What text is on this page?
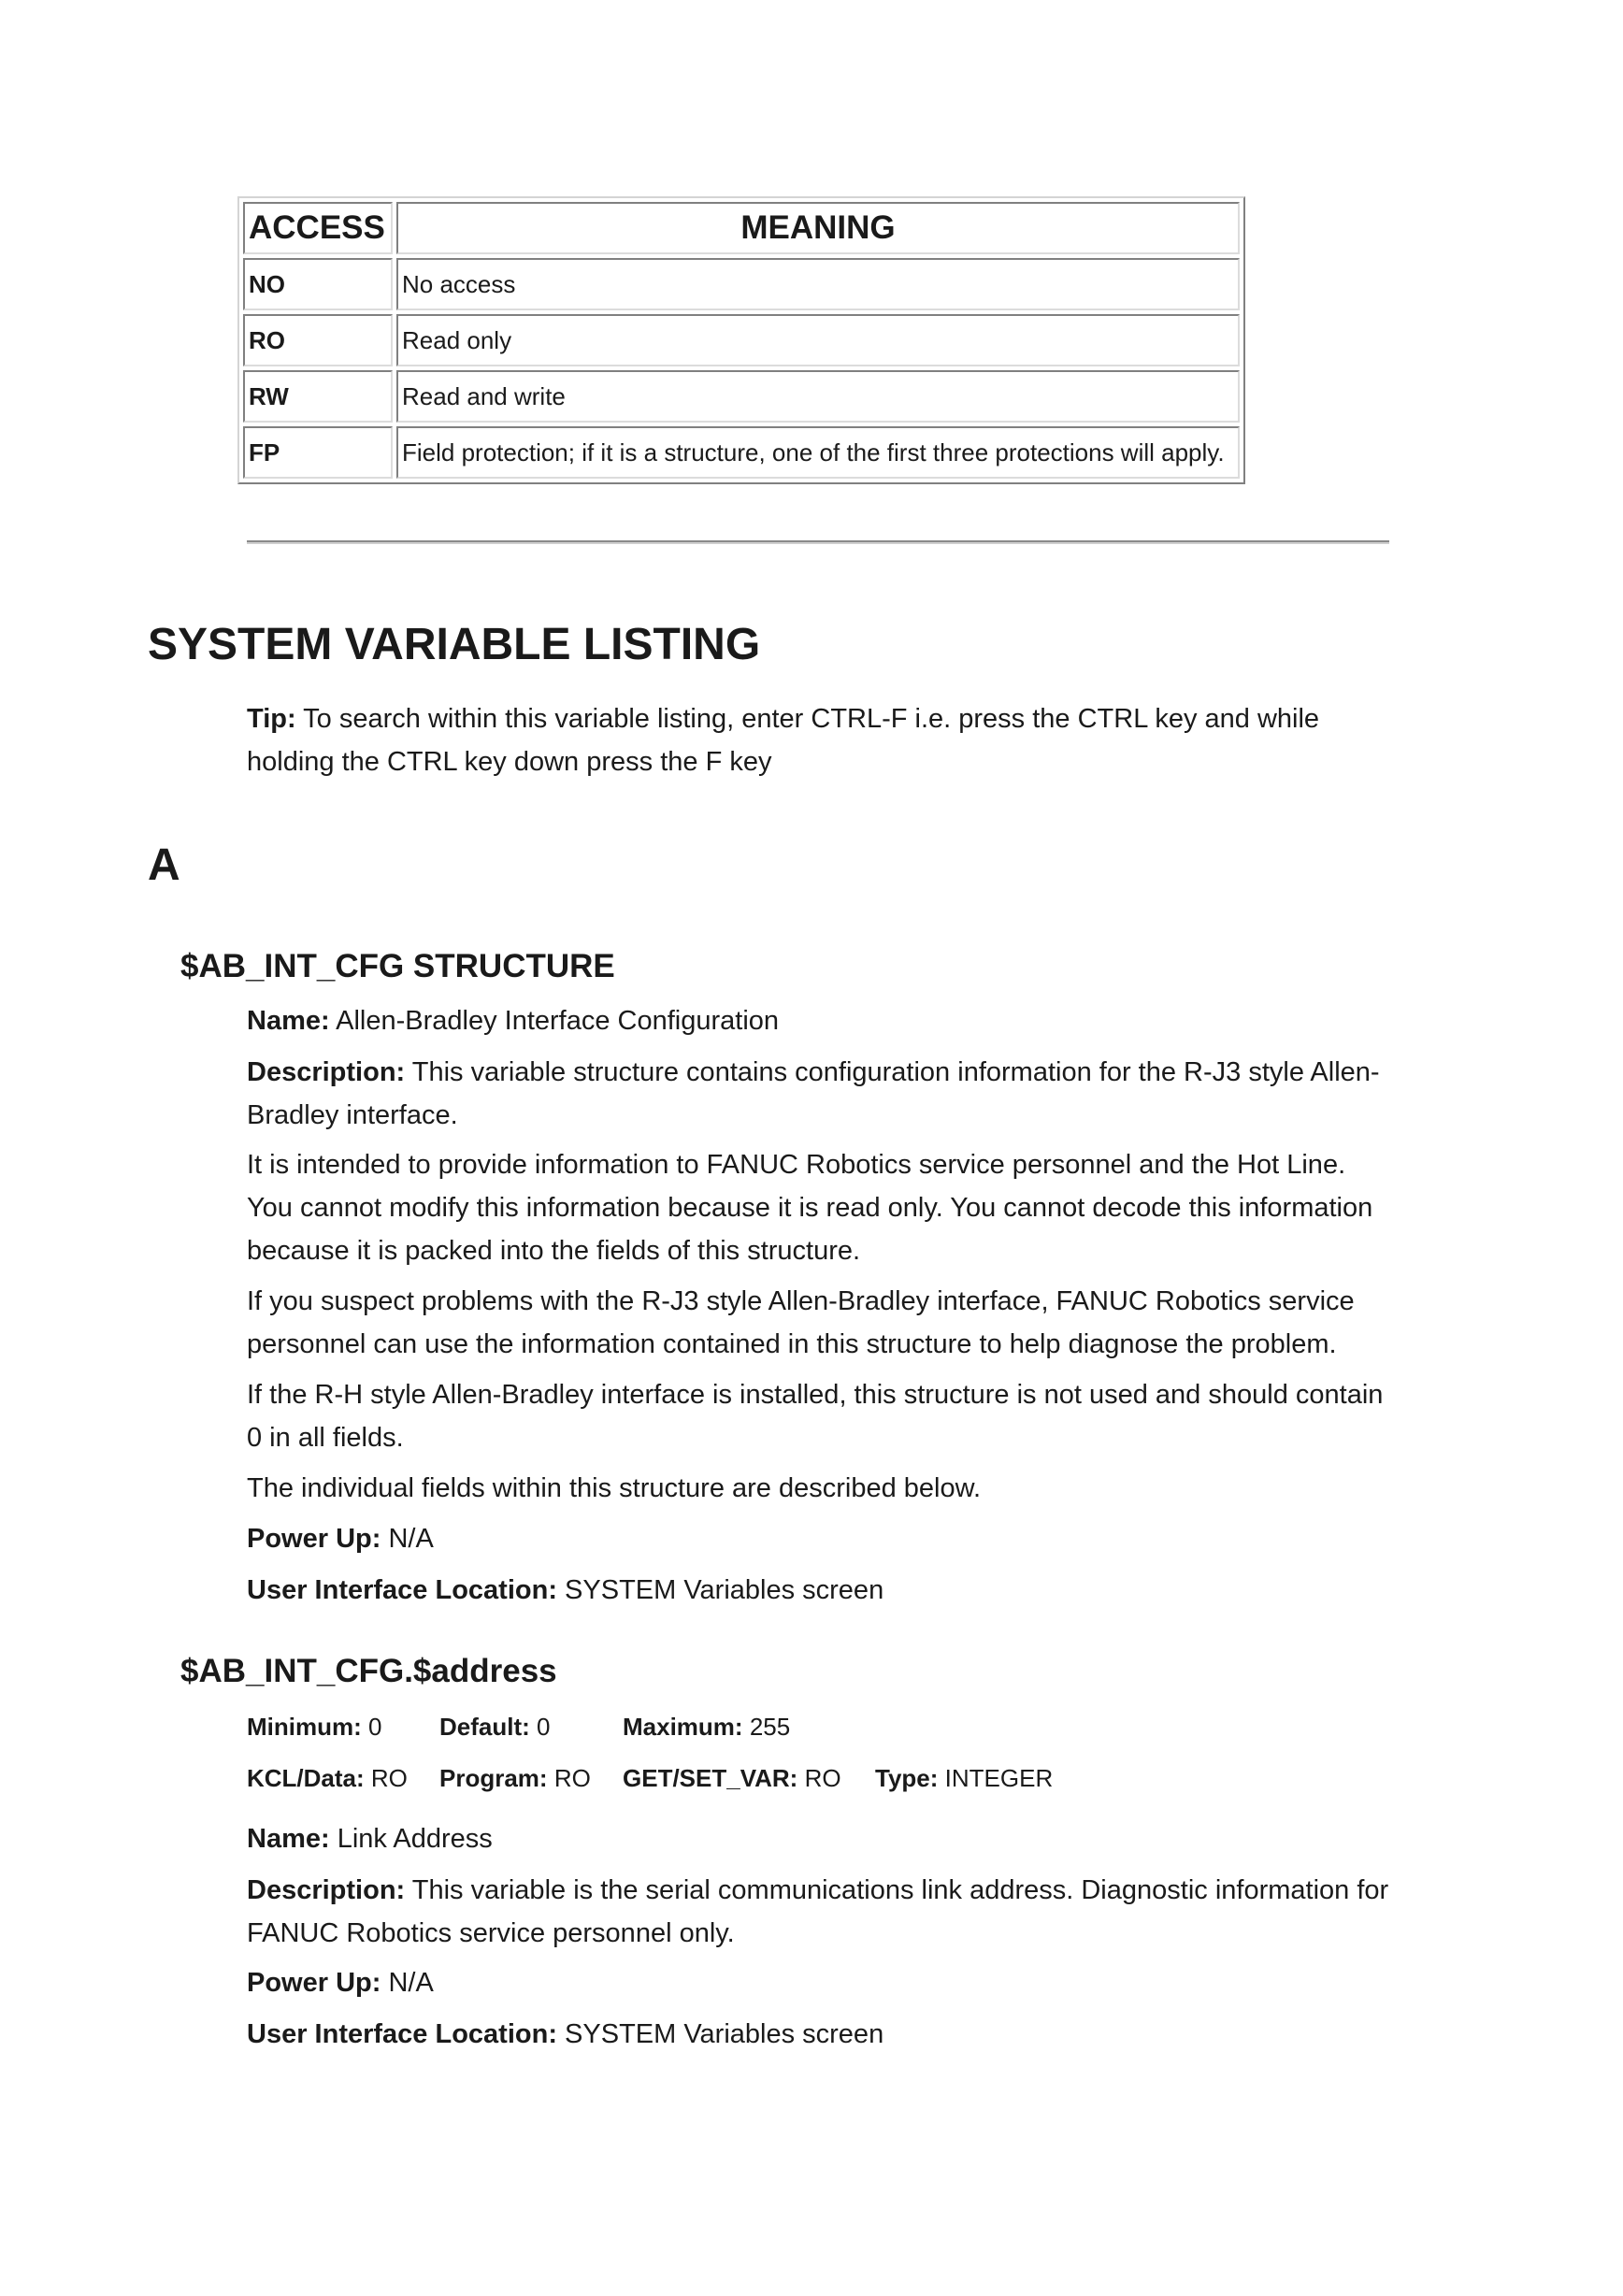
ACCESS	MEANING
NO	No access
RO	Read only
RW	Read and write
FP	Field protection; if it is a structure, one of the first three protections will apply.
SYSTEM VARIABLE LISTING

Tip: To search within this variable listing, enter CTRL-F i.e. press the CTRL key and while holding the CTRL key down press the F key

A
$AB_INT_CFG STRUCTURE

Name: Allen-Bradley Interface Configuration

Description: This variable structure contains configuration information for the R-J3 style Allen-Bradley interface.

It is intended to provide information to FANUC Robotics service personnel and the Hot Line. You cannot modify this information because it is read only. You cannot decode this information because it is packed into the fields of this structure.

If you suspect problems with the R-J3 style Allen-Bradley interface, FANUC Robotics service personnel can use the information contained in this structure to help diagnose the problem.

If the R-H style Allen-Bradley interface is installed, this structure is not used and should contain 0 in all fields.

The individual fields within this structure are described below.

Power Up: N/A

User Interface Location: SYSTEM Variables screen

$AB_INT_CFG.$address
Minimum: 0 Default: 0	Maximum: 255
KCL/Data: RO Program: RO GET/SET_VAR: RO Type: INTEGER

Name: Link Address

Description: This variable is the serial communications link address. Diagnostic information for FANUC Robotics service personnel only.

Power Up: N/A

User Interface Location: SYSTEM Variables screen
